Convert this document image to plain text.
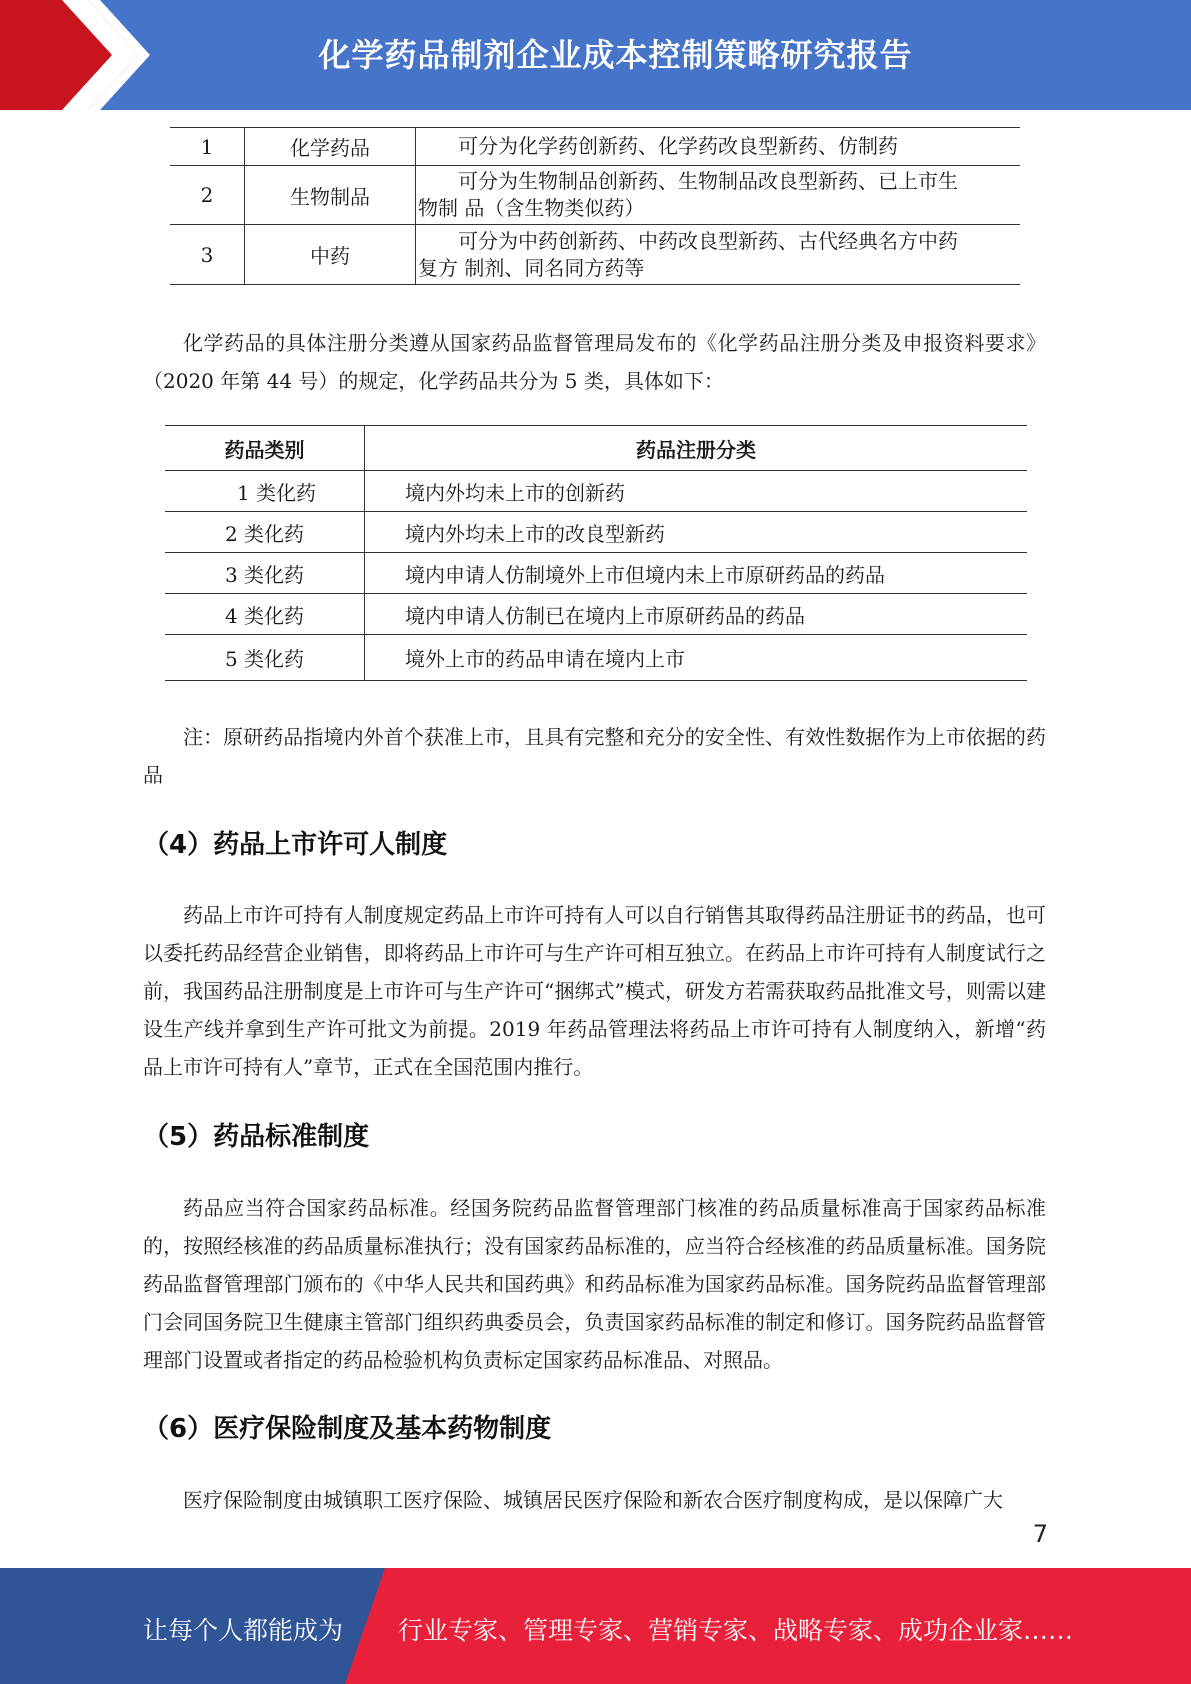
化学药品制剂企业成本控制策略研究报告
1	化学药品	可分为化学药创新药、化学药改良型新药、仿制药
2	生物制品	可分为生物制品创新药、生物制品改良型新药、已上市生
物制 品（含生物类似药）
3	中药	可分为中药创新药、中药改良型新药、古代经典名方中药
复方 制剂、同名同方药等
化学药品的具体注册分类遵从国家药品监督管理局发布的《化学药品注册分类及申报资料要求》（2020 年第 44 号）的规定，化学药品共分为 5 类，具体如下：
药品类别	药品注册分类
1 类化药	境内外均未上市的创新药
2 类化药	境内外均未上市的改良型新药
3 类化药	境内申请人仿制境外上市但境内未上市原研药品的药品
4 类化药	境内申请人仿制已在境内上市原研药品的药品
5 类化药	境外上市的药品申请在境内上市
注：原研药品指境内外首个获准上市，且具有完整和充分的安全性、有效性数据作为上市依据的药品
（4）药品上市许可人制度
药品上市许可持有人制度规定药品上市许可持有人可以自行销售其取得药品注册证书的药品，也可以委托药品经营企业销售，即将药品上市许可与生产许可相互独立。在药品上市许可持有人制度试行之前，我国药品注册制度是上市许可与生产许可“捆绑式”模式，研发方若需获取药品批准文号，则需以建设生产线并拿到生产许可批文为前提。2019 年药品管理法将药品上市许可持有人制度纳入，新增“药品上市许可持有人”章节，正式在全国范围内推行。
（5）药品标准制度
药品应当符合国家药品标准。经国务院药品监督管理部门核准的药品质量标准高于国家药品标准的，按照经核准的药品质量标准执行；没有国家药品标准的，应当符合经核准的药品质量标准。国务院药品监督管理部门颁布的《中华人民共和国药典》和药品标准为国家药品标准。国务院药品监督管理部门会同国务院卫生健康主管部门组织药典委员会，负责国家药品标准的制定和修订。国务院药品监督管理部门设置或者指定的药品检验机构负责标定国家药品标准品、对照品。
（6）医疗保险制度及基本药物制度
医疗保险制度由城镇职工医疗保险、城镇居民医疗保险和新农合医疗制度构成，是以保障广大
7
让每个人都能成为 行业专家、管理专家、营销专家、战略专家、成功企业家……
